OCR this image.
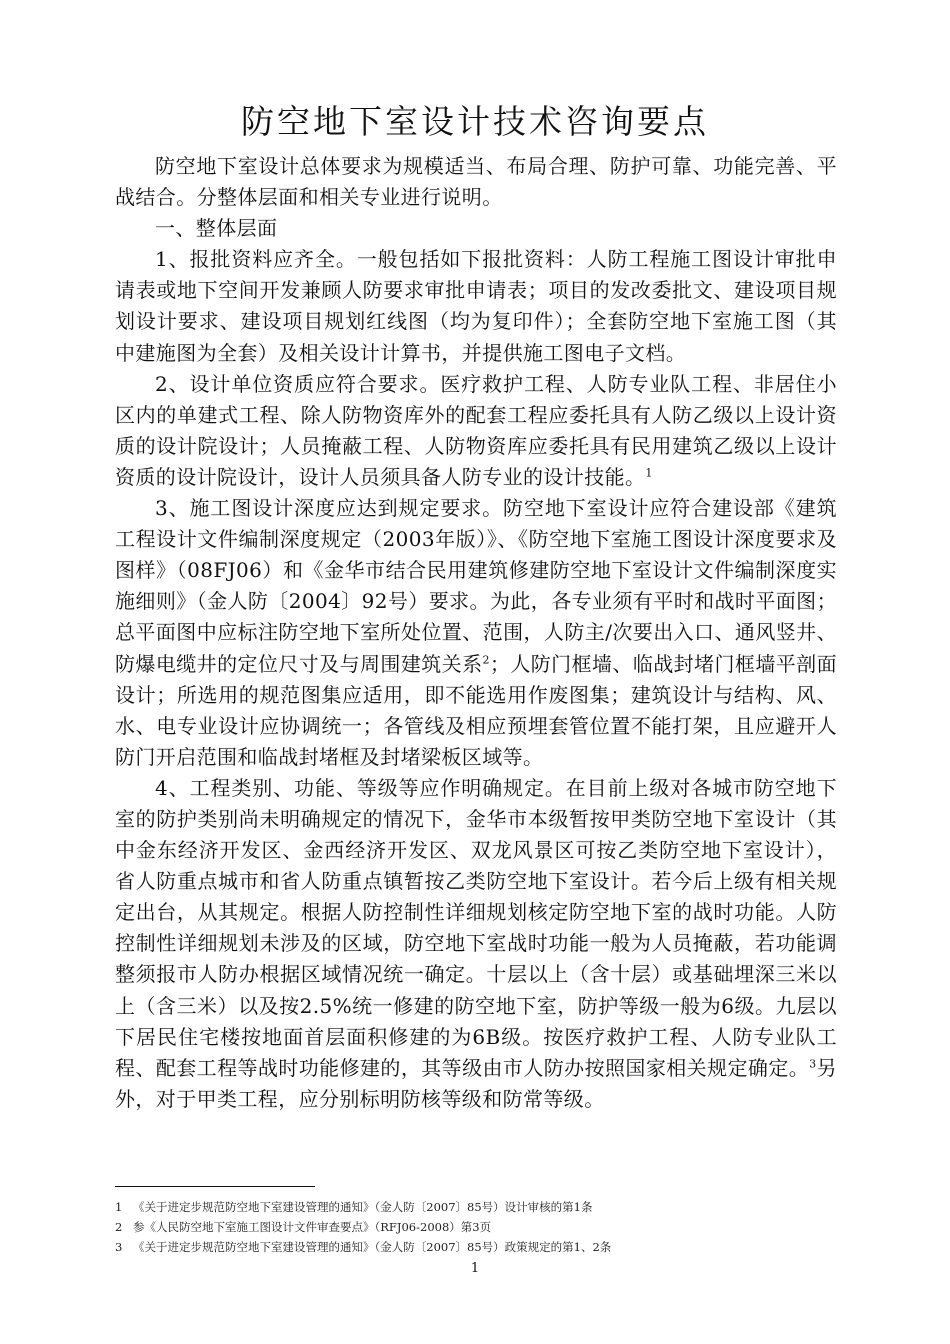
防空地下室设计技术咨询要点

防空地下室设计总体要求为规模适当、布局合理、防护可靠、功能完善、平战结合。分整体层面和相关专业进行说明。

一、整体层面

1、报批资料应齐全。一般包括如下报批资料：人防工程施工图设计审批申请表或地下空间开发兼顾人防要求审批申请表；项目的发改委批文、建设项目规划设计要求、建设项目规划红线图（均为复印件）；全套防空地下室施工图（其中建施图为全套）及相关设计计算书，并提供施工图电子文档。

2、设计单位资质应符合要求。医疗救护工程、人防专业队工程、非居住小区内的单建式工程、除人防物资库外的配套工程应委托具有人防乙级以上设计资质的设计院设计；人员掩蔽工程、人防物资库应委托具有民用建筑乙级以上设计资质的设计院设计，设计人员须具备人防专业的设计技能。$^1$

3、施工图设计深度应达到规定要求。防空地下室设计应符合建设部《建筑工程设计文件编制深度规定（2003年版）》、《防空地下室施工图设计深度要求及图样》（08FJ06）和《金华市结合民用建筑修建防空地下室设计文件编制深度实施细则》（金人防〔2004〕92号）要求。为此，各专业须有平时和战时平面图；总平面图中应标注防空地下室所处位置、范围，人防主/次要出入口、通风竖井、防爆电缆井的定位尺寸及与周围建筑关系$^2$；人防门框墙、临战封堵门框墙平剖面设计；所选用的规范图集应适用，即不能选用作废图集；建筑设计与结构、风、水、电专业设计应协调统一；各管线及相应预埋套管位置不能打架，且应避开人防门开启范围和临战封堵框及封堵梁板区域等。

4、工程类别、功能、等级等应作明确规定。在目前上级对各城市防空地下室的防护类别尚未明确规定的情况下，金华市本级暂按甲类防空地下室设计（其中金东经济开发区、金西经济开发区、双龙风景区可按乙类防空地下室设计），省人防重点城市和省人防重点镇暂按乙类防空地下室设计。若今后上级有相关规定出台，从其规定。根据人防控制性详细规划核定防空地下室的战时功能。人防控制性详细规划未涉及的区域，防空地下室战时功能一般为人员掩蔽，若功能调整须报市人防办根据区域情况统一确定。十层以上（含十层）或基础埋深三米以上（含三米）以及按2.5%统一修建的防空地下室，防护等级一般为6级。九层以下居民住宅楼按地面首层面积修建的为6B级。按医疗救护工程、人防专业队工程、配套工程等战时功能修建的，其等级由市人防办按照国家相关规定确定。$^3$另外，对于甲类工程，应分别标明防核等级和防常等级。

1 《关于进定步规范防空地下室建设管理的通知》（金人防〔2007〕85号）设计审核的第1条

2 参《人民防空地下室施工图设计文件审查要点》（RFJ06-2008）第3页

3 《关于进定步规范防空地下室建设管理的通知》（金人防〔2007〕85号）政策规定的第1、2条

1
